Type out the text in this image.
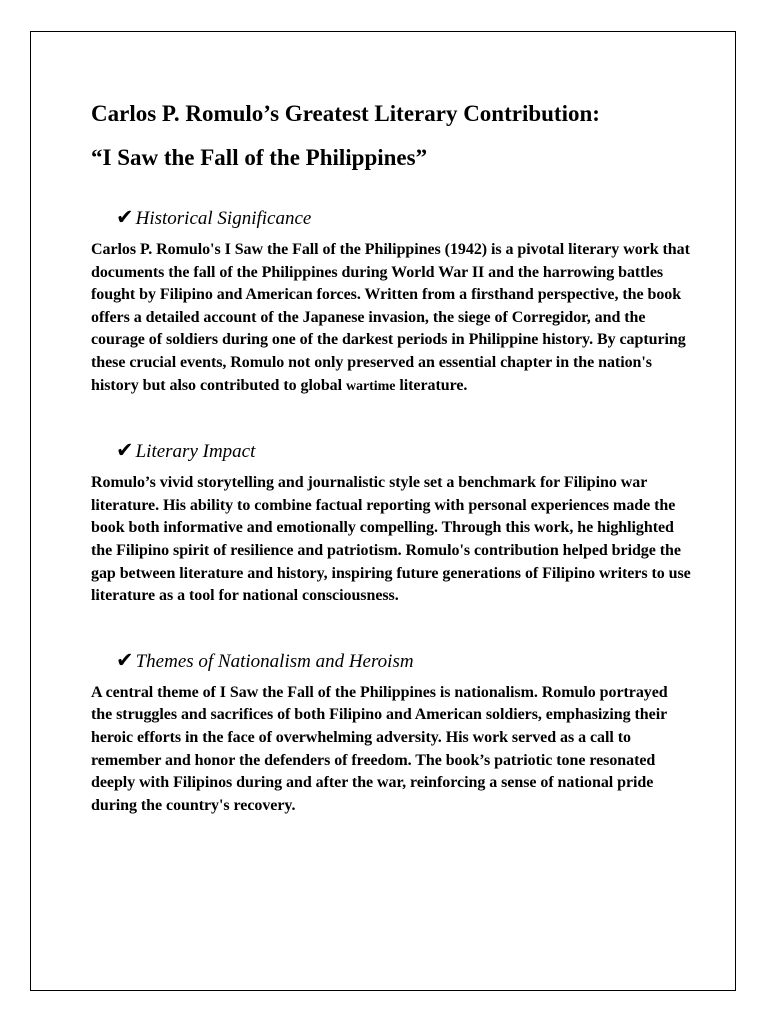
Carlos P. Romulo’s Greatest Literary Contribution:
“I Saw the Fall of the Philippines”
✔ Historical Significance

Carlos P. Romulo's I Saw the Fall of the Philippines (1942) is a pivotal literary work that documents the fall of the Philippines during World War II and the harrowing battles fought by Filipino and American forces. Written from a firsthand perspective, the book offers a detailed account of the Japanese invasion, the siege of Corregidor, and the courage of soldiers during one of the darkest periods in Philippine history. By capturing these crucial events, Romulo not only preserved an essential chapter in the nation's history but also contributed to global wartime literature.

✔ Literary Impact

Romulo’s vivid storytelling and journalistic style set a benchmark for Filipino war literature. His ability to combine factual reporting with personal experiences made the book both informative and emotionally compelling. Through this work, he highlighted the Filipino spirit of resilience and patriotism. Romulo's contribution helped bridge the gap between literature and history, inspiring future generations of Filipino writers to use literature as a tool for national consciousness.

✔ Themes of Nationalism and Heroism

A central theme of I Saw the Fall of the Philippines is nationalism. Romulo portrayed the struggles and sacrifices of both Filipino and American soldiers, emphasizing their heroic efforts in the face of overwhelming adversity. His work served as a call to remember and honor the defenders of freedom. The book’s patriotic tone resonated deeply with Filipinos during and after the war, reinforcing a sense of national pride during the country's recovery.
